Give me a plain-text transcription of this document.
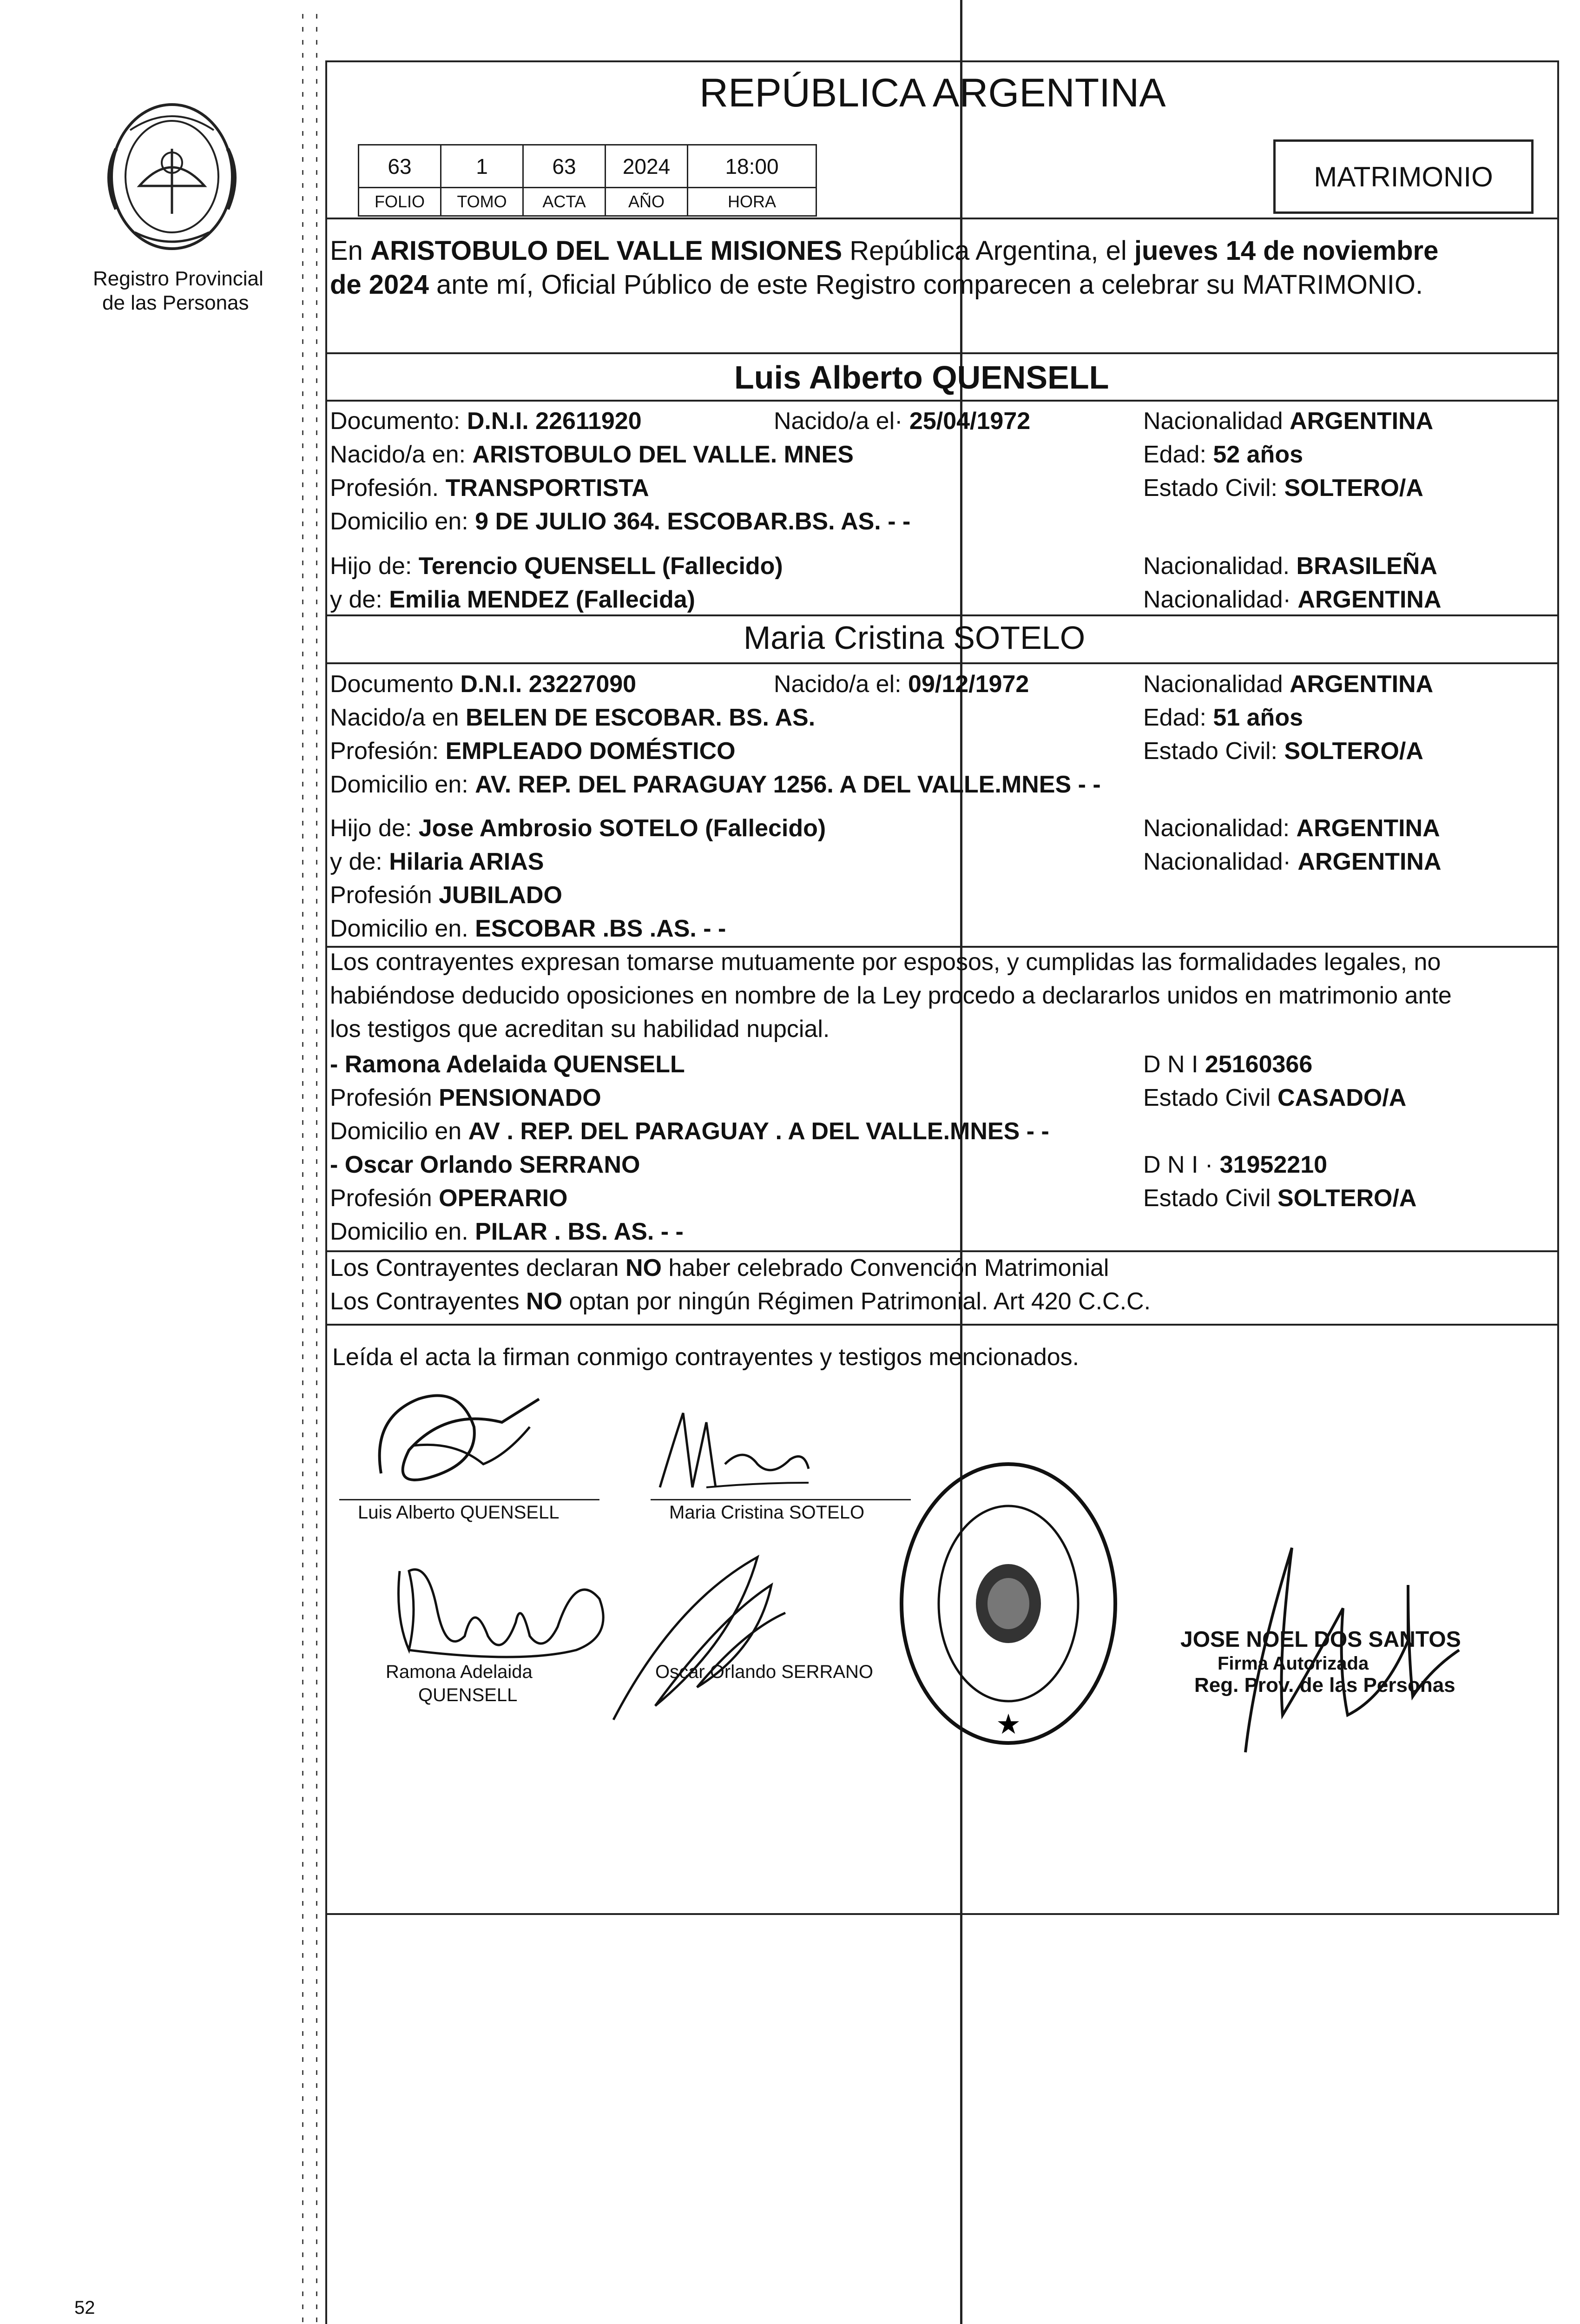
Registro Provincial
de las Personas
52
REPÚBLICA ARGENTINA
63	1	63	2024	18:00
FOLIO	TOMO	ACTA	AÑO	HORA
MATRIMONIO
En ARISTOBULO DEL VALLE MISIONES República Argentina, el jueves 14 de noviembre
de 2024 ante mí, Oficial Público de este Registro comparecen a celebrar su MATRIMONIO.
Luis Alberto QUENSELL
Documento: D.N.I. 22611920	Nacido/a el· 25/04/1972	Nacionalidad ARGENTINA
Nacido/a en: ARISTOBULO DEL VALLE. MNES	Edad: 52 años
Profesión. TRANSPORTISTA	Estado Civil: SOLTERO/A
Domicilio en: 9 DE JULIO 364. ESCOBAR.BS. AS. - -
Hijo de: Terencio QUENSELL (Fallecido)	Nacionalidad. BRASILEÑA
y de: Emilia MENDEZ (Fallecida)	Nacionalidad· ARGENTINA
Maria Cristina SOTELO
Documento D.N.I. 23227090	Nacido/a el: 09/12/1972	Nacionalidad ARGENTINA
Nacido/a en BELEN DE ESCOBAR. BS. AS.	Edad: 51 años
Profesión: EMPLEADO DOMÉSTICO	Estado Civil: SOLTERO/A
Domicilio en: AV. REP. DEL PARAGUAY 1256. A DEL VALLE.MNES - -
Hijo de: Jose Ambrosio SOTELO (Fallecido)	Nacionalidad: ARGENTINA
y de: Hilaria ARIAS	Nacionalidad· ARGENTINA
Profesión JUBILADO
Domicilio en. ESCOBAR .BS .AS. - -
Los contrayentes expresan tomarse mutuamente por esposos, y cumplidas las formalidades legales, no
habiéndose deducido oposiciones en nombre de la Ley procedo a declararlos unidos en matrimonio ante
los testigos que acreditan su habilidad nupcial.
- Ramona Adelaida QUENSELL	D N I 25160366
Profesión PENSIONADO	Estado Civil CASADO/A
Domicilio en AV . REP. DEL PARAGUAY . A DEL VALLE.MNES - -
- Oscar Orlando SERRANO	D N I · 31952210
Profesión OPERARIO	Estado Civil SOLTERO/A
Domicilio en. PILAR . BS. AS. - -
Los Contrayentes declaran NO haber celebrado Convención Matrimonial
Los Contrayentes NO optan por ningún Régimen Patrimonial. Art 420 C.C.C.
Leída el acta la firman conmigo contrayentes y testigos mencionados.
Luis Alberto QUENSELL	Maria Cristina SOTELO
Ramona Adelaida
QUENSELL
Oscar Orlando SERRANO
★
JOSE NOEL DOS SANTOS
Firma Autorizada
Reg. Prov. de las Personas
